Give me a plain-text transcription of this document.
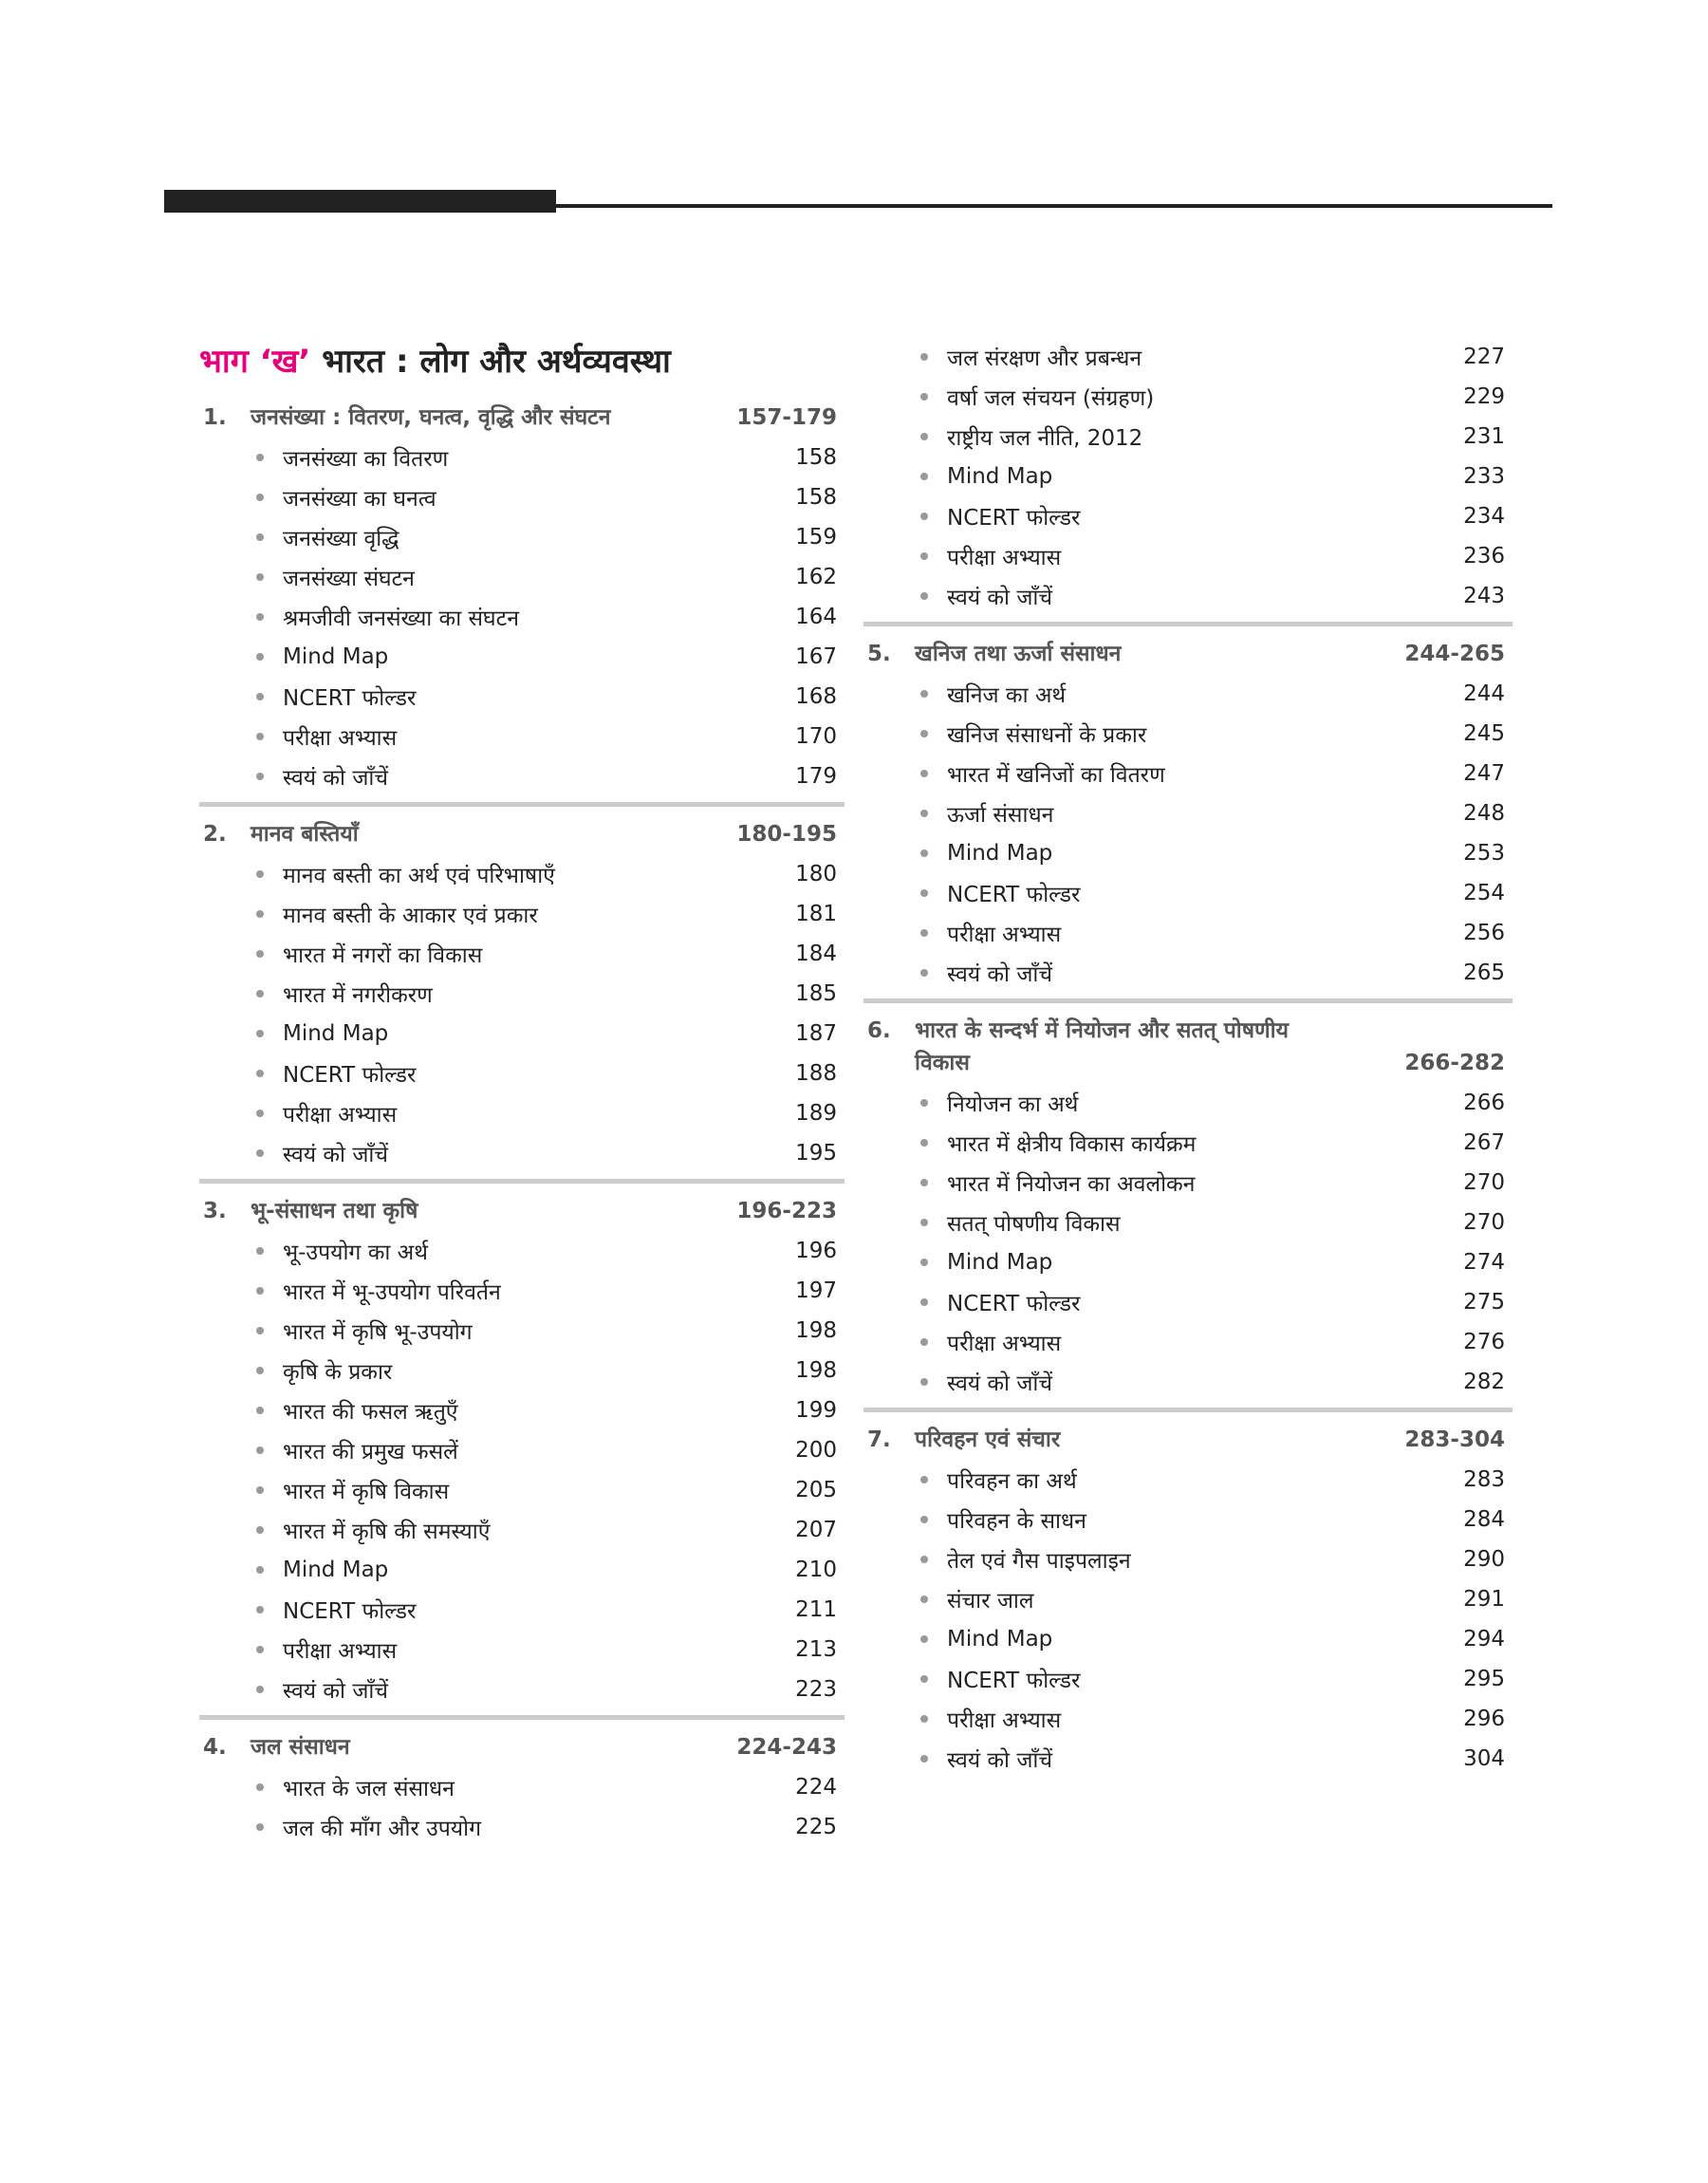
भाग ‘ख’ भारत : लोग और अर्थव्यवस्था
1.	जनसंख्या : वितरण, घनत्व, वृद्धि और संघटन	157-179
जनसंख्या का वितरण	158
जनसंख्या का घनत्व	158
जनसंख्या वृद्धि	159
जनसंख्या संघटन	162
श्रमजीवी जनसंख्या का संघटन	164
Mind Map	167
NCERT फोल्डर	168
परीक्षा अभ्यास	170
स्वयं को जाँचें	179
2.	मानव बस्तियाँ	180-195
मानव बस्ती का अर्थ एवं परिभाषाएँ	180
मानव बस्ती के आकार एवं प्रकार	181
भारत में नगरों का विकास	184
भारत में नगरीकरण	185
Mind Map	187
NCERT फोल्डर	188
परीक्षा अभ्यास	189
स्वयं को जाँचें	195
3.	भू-संसाधन तथा कृषि	196-223
भू-उपयोग का अर्थ	196
भारत में भू-उपयोग परिवर्तन	197
भारत में कृषि भू-उपयोग	198
कृषि के प्रकार	198
भारत की फसल ऋतुएँ	199
भारत की प्रमुख फसलें	200
भारत में कृषि विकास	205
भारत में कृषि की समस्याएँ	207
Mind Map	210
NCERT फोल्डर	211
परीक्षा अभ्यास	213
स्वयं को जाँचें	223
4.	जल संसाधन	224-243
भारत के जल संसाधन	224
जल की माँग और उपयोग	225
जल संरक्षण और प्रबन्धन	227
वर्षा जल संचयन (संग्रहण)	229
राष्ट्रीय जल नीति, 2012	231
Mind Map	233
NCERT फोल्डर	234
परीक्षा अभ्यास	236
स्वयं को जाँचें	243
5.	खनिज तथा ऊर्जा संसाधन	244-265
खनिज का अर्थ	244
खनिज संसाधनों के प्रकार	245
भारत में खनिजों का वितरण	247
ऊर्जा संसाधन	248
Mind Map	253
NCERT फोल्डर	254
परीक्षा अभ्यास	256
स्वयं को जाँचें	265
6.	भारत के सन्दर्भ में नियोजन और सतत् पोषणीय
विकास	266-282
नियोजन का अर्थ	266
भारत में क्षेत्रीय विकास कार्यक्रम	267
भारत में नियोजन का अवलोकन	270
सतत् पोषणीय विकास	270
Mind Map	274
NCERT फोल्डर	275
परीक्षा अभ्यास	276
स्वयं को जाँचें	282
7.	परिवहन एवं संचार	283-304
परिवहन का अर्थ	283
परिवहन के साधन	284
तेल एवं गैस पाइपलाइन	290
संचार जाल	291
Mind Map	294
NCERT फोल्डर	295
परीक्षा अभ्यास	296
स्वयं को जाँचें	304
